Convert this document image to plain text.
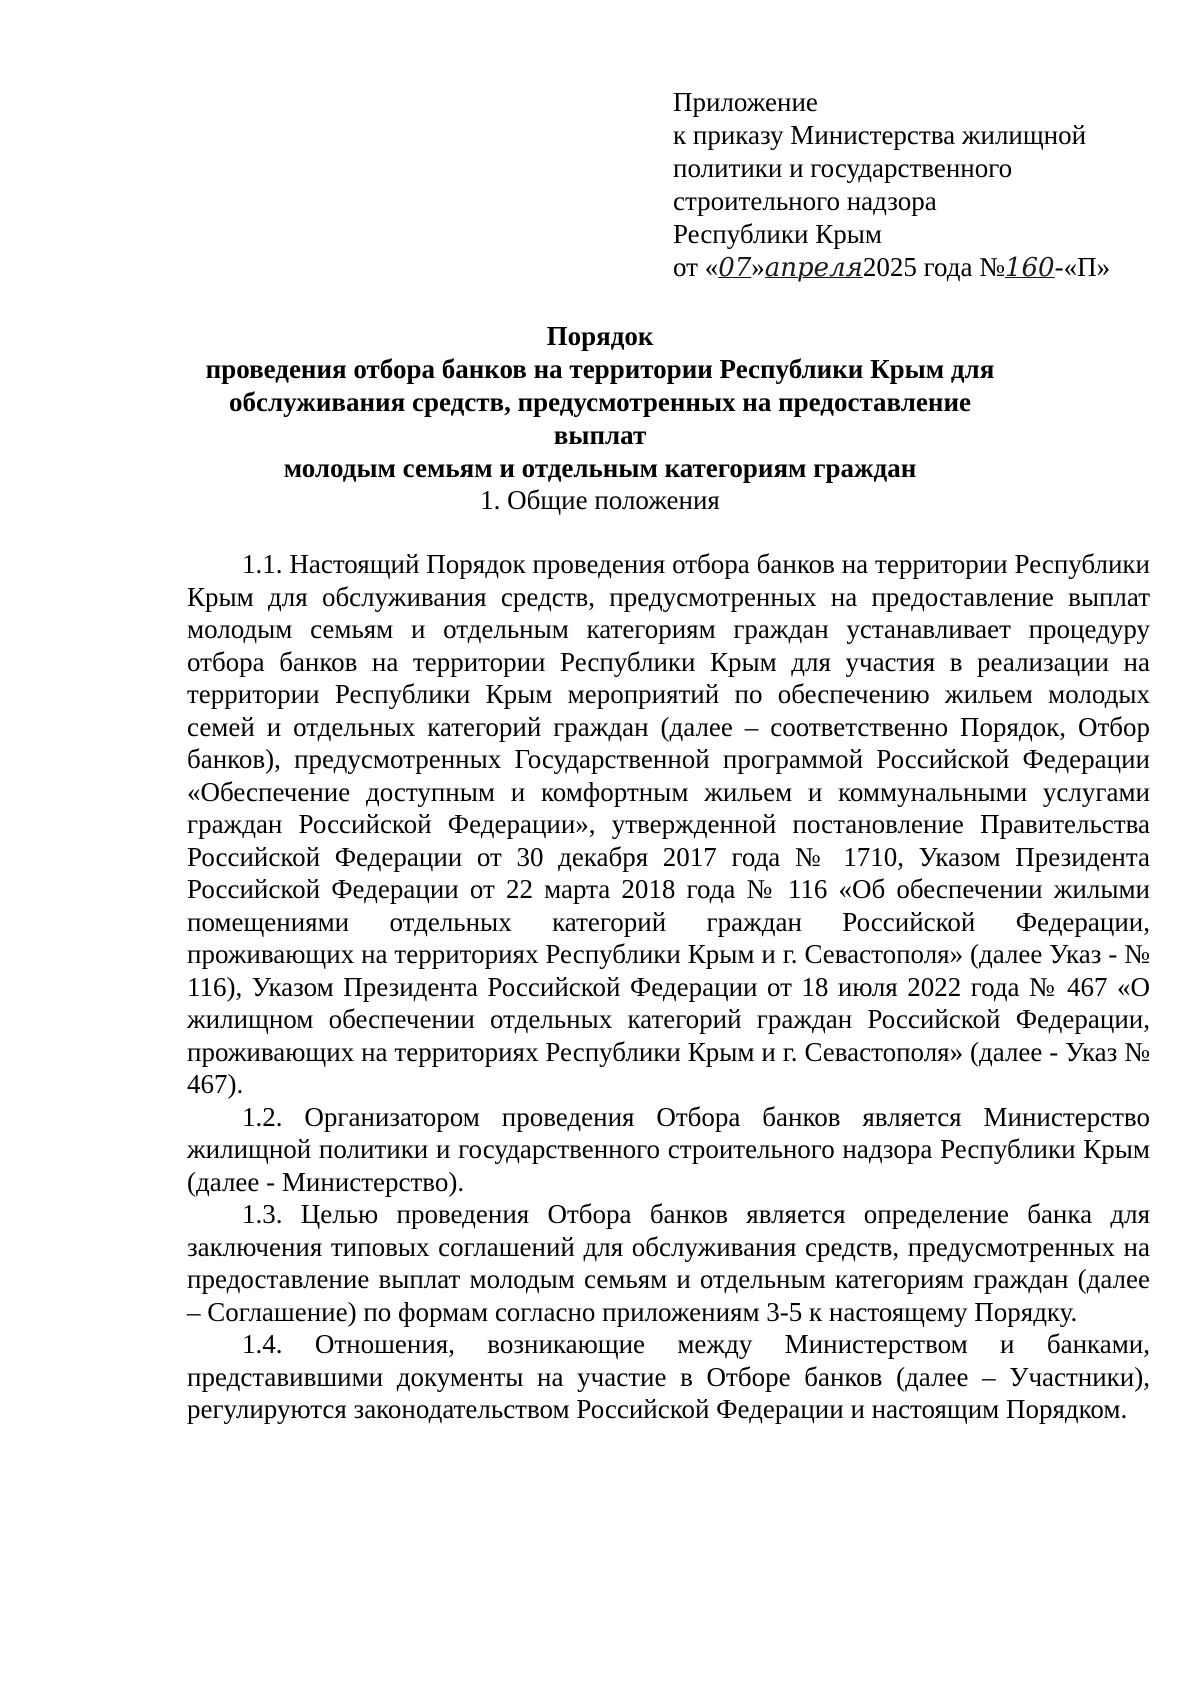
Приложение
к приказу Министерства жилищной
политики и государственного
строительного надзора
Республики Крым
от «07»апреля2025 года №160-«П»
Порядок
проведения отбора банков на территории Республики Крым для
обслуживания средств, предусмотренных на предоставление выплат
молодым семьям и отдельным категориям граждан
1. Общие положения

1.1. Настоящий Порядок проведения отбора банков на территории Республики Крым для обслуживания средств, предусмотренных на предоставление выплат молодым семьям и отдельным категориям граждан устанавливает процедуру отбора банков на территории Республики Крым для участия в реализации на территории Республики Крым мероприятий по обеспечению жильем молодых семей и отдельных категорий граждан (далее – соответственно Порядок, Отбор банков), предусмотренных Государственной программой Российской Федерации «Обеспечение доступным и комфортным жильем и коммунальными услугами граждан Российской Федерации», утвержденной постановление Правительства Российской Федерации от 30 декабря 2017 года № 1710, Указом Президента Российской Федерации от 22 марта 2018 года № 116 «Об обеспечении жилыми помещениями отдельных категорий граждан Российской Федерации, проживающих на территориях Республики Крым и г. Севастополя» (далее Указ - № 116), Указом Президента Российской Федерации от 18 июля 2022 года № 467 «О жилищном обеспечении отдельных категорий граждан Российской Федерации, проживающих на территориях Республики Крым и г. Севастополя» (далее - Указ № 467).

1.2. Организатором проведения Отбора банков является Министерство жилищной политики и государственного строительного надзора Республики Крым (далее - Министерство).

1.3. Целью проведения Отбора банков является определение банка для заключения типовых соглашений для обслуживания средств, предусмотренных на предоставление выплат молодым семьям и отдельным категориям граждан (далее – Соглашение) по формам согласно приложениям 3-5 к настоящему Порядку.

1.4. Отношения, возникающие между Министерством и банками, представившими документы на участие в Отборе банков (далее – Участники), регулируются законодательством Российской Федерации и настоящим Порядком.
